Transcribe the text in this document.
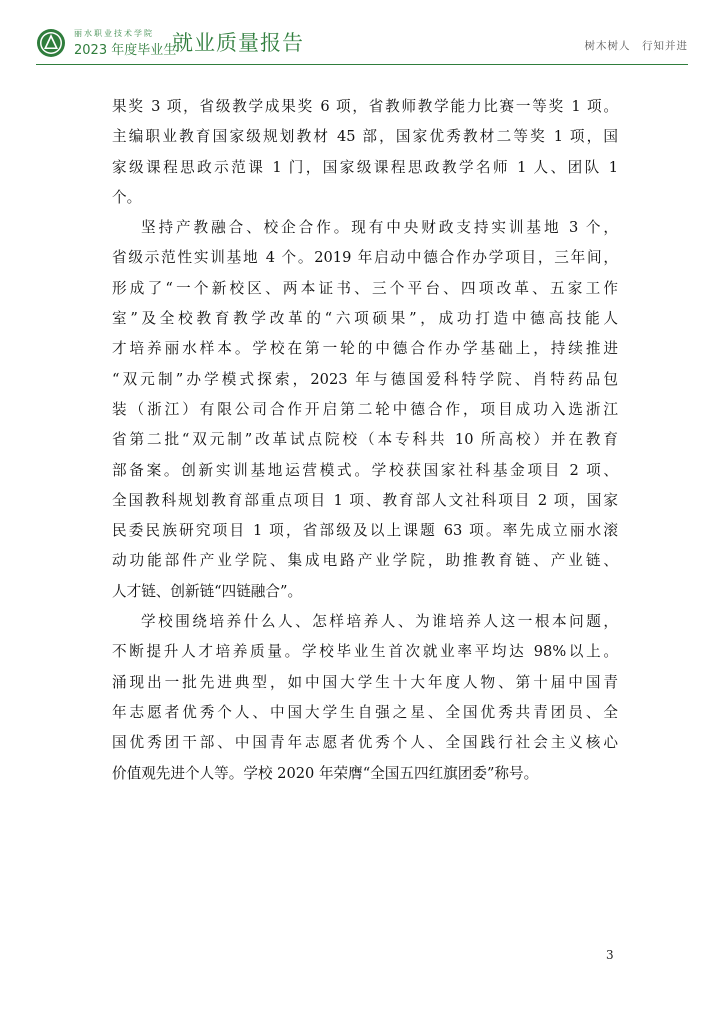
丽水职业技术学院
2023 年度毕业生
就业质量报告	树木树人　行知并进
果奖 3 项，省级教学成果奖 6 项，省教师教学能力比赛一等奖 1 项。
主编职业教育国家级规划教材 45 部，国家优秀教材二等奖 1 项，国
家级课程思政示范课 1 门，国家级课程思政教学名师 1 人、团队 1
个。
坚持产教融合、校企合作。现有中央财政支持实训基地 3 个，
省级示范性实训基地 4 个。2019 年启动中德合作办学项目，三年间，
形成了“一个新校区、两本证书、三个平台、四项改革、五家工作
室”及全校教育教学改革的“六项硕果”，成功打造中德高技能人
才培养丽水样本。学校在第一轮的中德合作办学基础上，持续推进
“双元制”办学模式探索，2023 年与德国爱科特学院、肖特药品包
装（浙江）有限公司合作开启第二轮中德合作，项目成功入选浙江
省第二批“双元制”改革试点院校（本专科共 10 所高校）并在教育
部备案。创新实训基地运营模式。学校获国家社科基金项目 2 项、
全国教科规划教育部重点项目 1 项、教育部人文社科项目 2 项，国家
民委民族研究项目 1 项，省部级及以上课题 63 项。率先成立丽水滚
动功能部件产业学院、集成电路产业学院，助推教育链、产业链、
人才链、创新链“四链融合”。
学校围绕培养什么人、怎样培养人、为谁培养人这一根本问题，
不断提升人才培养质量。学校毕业生首次就业率平均达 98%以上。
涌现出一批先进典型，如中国大学生十大年度人物、第十届中国青
年志愿者优秀个人、中国大学生自强之星、全国优秀共青团员、全
国优秀团干部、中国青年志愿者优秀个人、全国践行社会主义核心
价值观先进个人等。学校 2020 年荣膺“全国五四红旗团委”称号。
3
